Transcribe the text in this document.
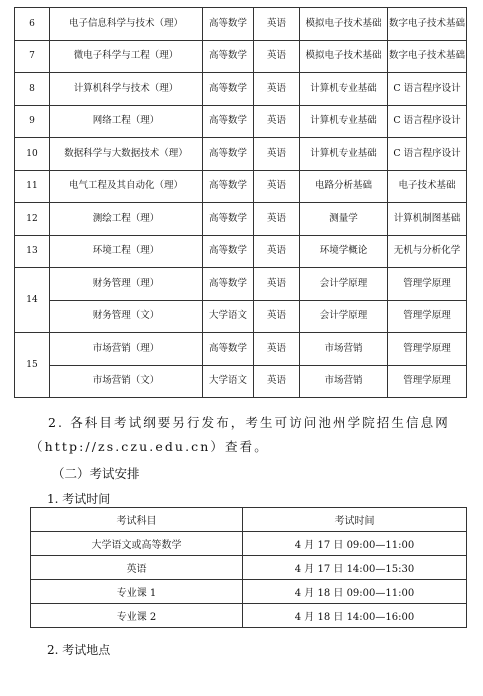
6	电子信息科学与技术（理）	高等数学	英语	模拟电子技术基础	数字电子技术基础
7	微电子科学与工程（理）	高等数学	英语	模拟电子技术基础	数字电子技术基础
8	计算机科学与技术（理）	高等数学	英语	计算机专业基础	C 语言程序设计
9	网络工程（理）	高等数学	英语	计算机专业基础	C 语言程序设计
10	数据科学与大数据技术（理）	高等数学	英语	计算机专业基础	C 语言程序设计
11	电气工程及其自动化（理）	高等数学	英语	电路分析基础	电子技术基础
12	测绘工程（理）	高等数学	英语	测量学	计算机制图基础
13	环境工程（理）	高等数学	英语	环境学概论	无机与分析化学
14	财务管理（理）	高等数学	英语	会计学原理	管理学原理
	财务管理（文）	大学语文	英语	会计学原理	管理学原理
15	市场营销（理）	高等数学	英语	市场营销	管理学原理
	市场营销（文）	大学语文	英语	市场营销	管理学原理

2. 各科目考试纲要另行发布，考生可访问池州学院招生信息网（http://zs.czu.edu.cn）查看。

（二）考试安排
1. 考试时间
考试科目	考试时间
大学语文或高等数学	4 月 17 日 09:00—11:00
英语	4 月 17 日 14:00—15:30
专业课 1	4 月 18 日 09:00—11:00
专业课 2	4 月 18 日 14:00—16:00
2. 考试地点
